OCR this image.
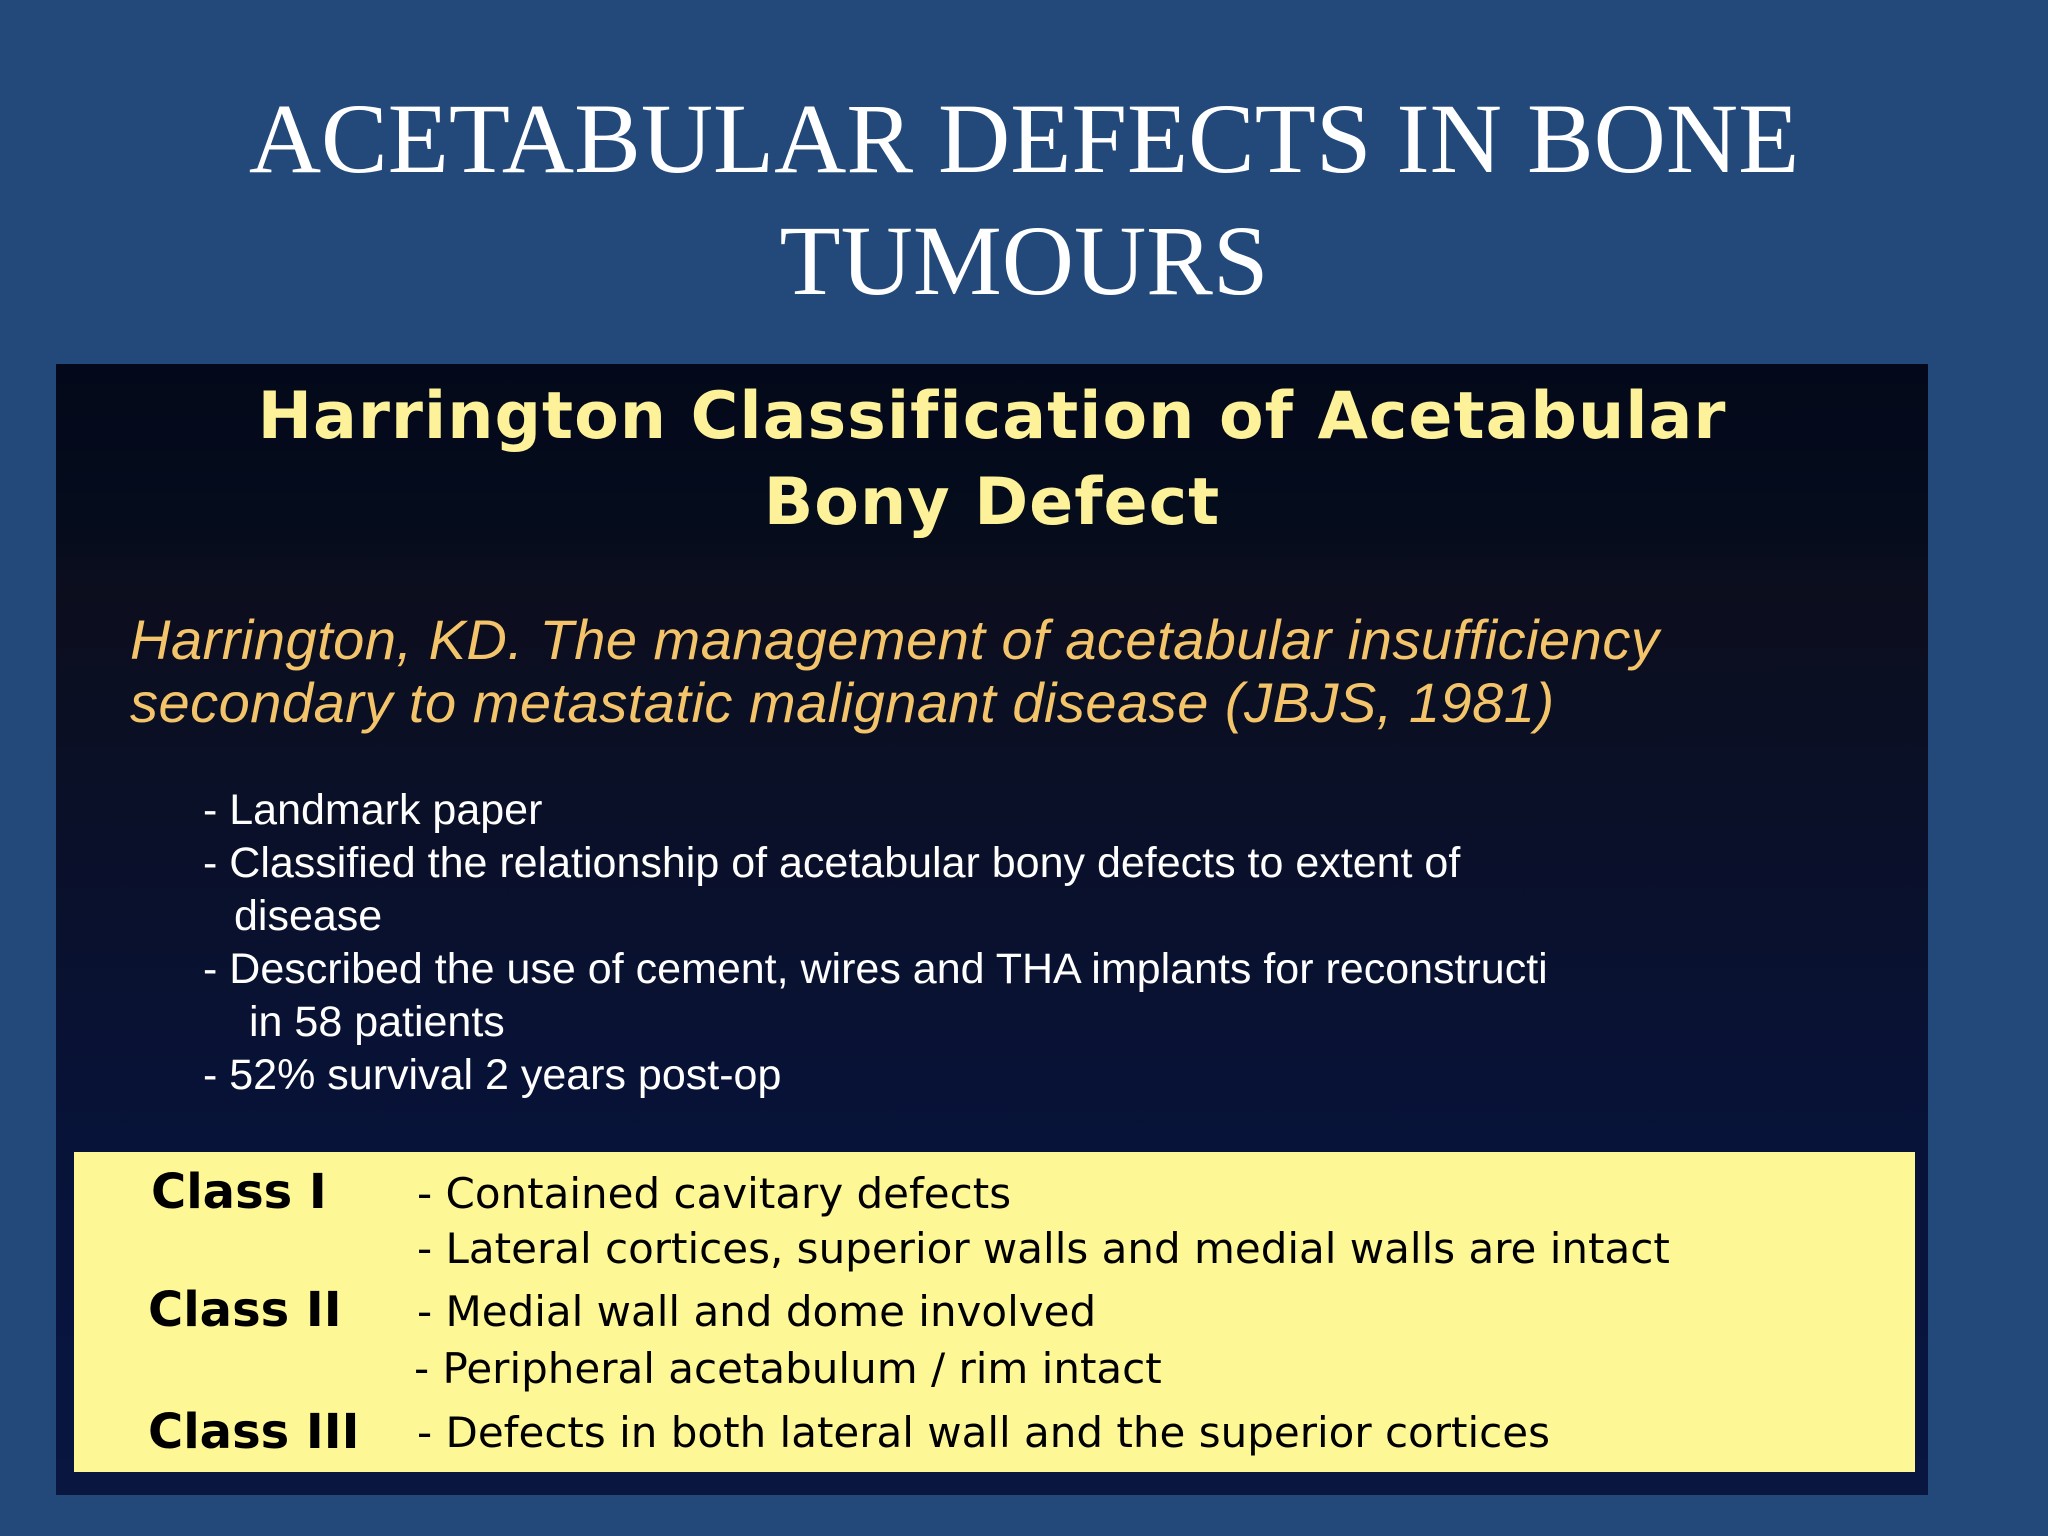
ACETABULAR DEFECTS IN BONE
TUMOURS
Harrington Classification of Acetabular
Bony Defect
Harrington, KD. The management of acetabular insufficiency
secondary to metastatic malignant disease (JBJS, 1981)
- Landmark paper
- Classified the relationship of acetabular bony defects to extent of
disease
- Described the use of cement, wires and THA implants for reconstructi
in 58 patients
- 52% survival 2 years post-op
Class I - Contained cavitary defects
- Lateral cortices, superior walls and medial walls are intact
Class II - Medial wall and dome involved
- Peripheral acetabulum / rim intact
Class III - Defects in both lateral wall and the superior cortices
